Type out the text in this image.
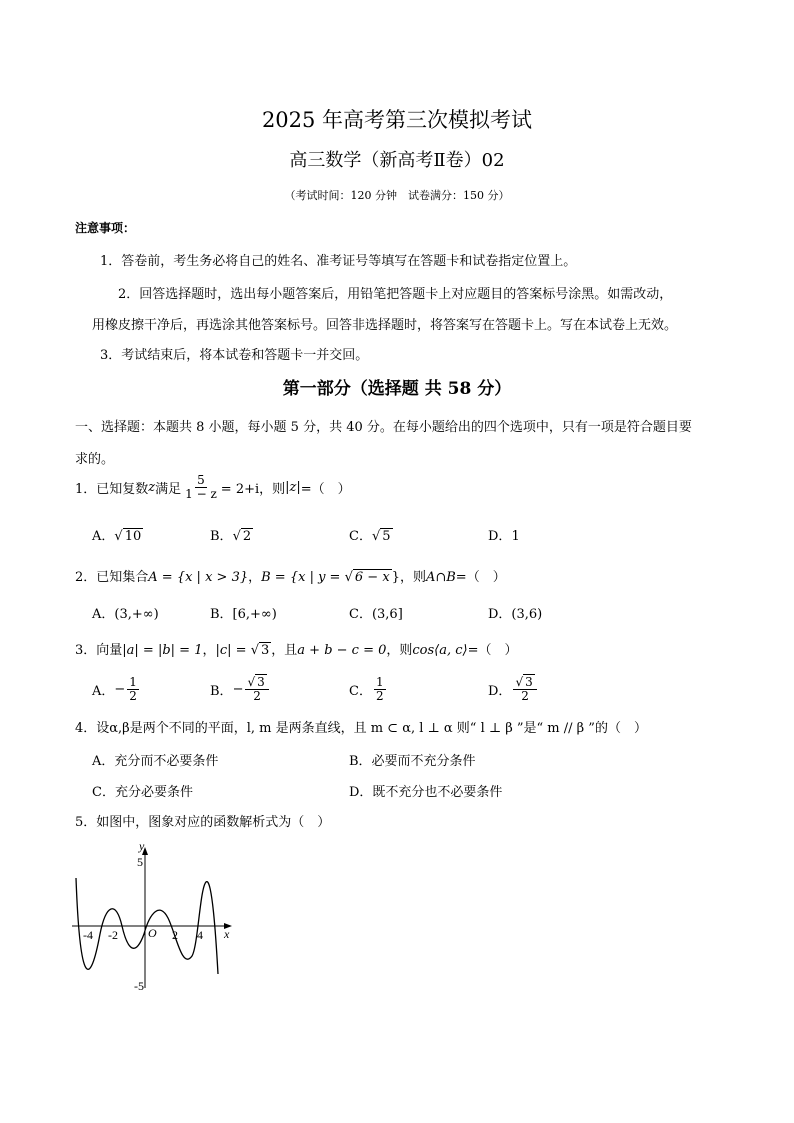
2025 年高考第三次模拟考试
高三数学（新高考Ⅱ卷）02
（考试时间：120 分钟　试卷满分：150 分）
注意事项：
1．答卷前，考生务必将自己的姓名、准考证号等填写在答题卡和试卷指定位置上。
2．回答选择题时，选出每小题答案后，用铅笔把答题卡上对应题目的答案标号涂黑。如需改动，
用橡皮擦干净后，再选涂其他答案标号。回答非选择题时，将答案写在答题卡上。写在本试卷上无效。
3．考试结束后，将本试卷和答题卡一并交回。
第一部分（选择题 共 58 分）
一、选择题：本题共 8 小题，每小题 5 分，共 40 分。在每小题给出的四个选项中，只有一项是符合题目要
求的。
1．已知复数 z 满足 $\frac{5}{1 - z} = 2+i$，则 |z| =（　）
A．√ 10	B．√ 2	C．√ 5	D．1
2．已知集合A = {x | x > 3}，B = {x | y = √ 6 − x }，则A∩B=（　）
A．(3,+∞)	B．[6,+∞)	C．(3,6]	D．(3,6)
3．向量|a| = |b| = 1，|c| = √ 3 ，且a + b − c = 0，则cos⟨a, c⟩=（　）
A． − $\frac{1}{2}$	B． − $\frac{√ 3}{2}$	C． $\frac{1}{2}$	D． $\frac{√ 3}{2}$
4．设α,β是两个不同的平面，l, m 是两条直线，且 m ⊂ α, l ⊥ α 则“ l ⊥ β ”是“ m // β ”的（　）
A．充分而不必要条件	B．必要而不充分条件
C．充分必要条件	D．既不充分也不必要条件
5．如图中，图象对应的函数解析式为（　）
y
x
O
5
-5
-4 -2	2 4
